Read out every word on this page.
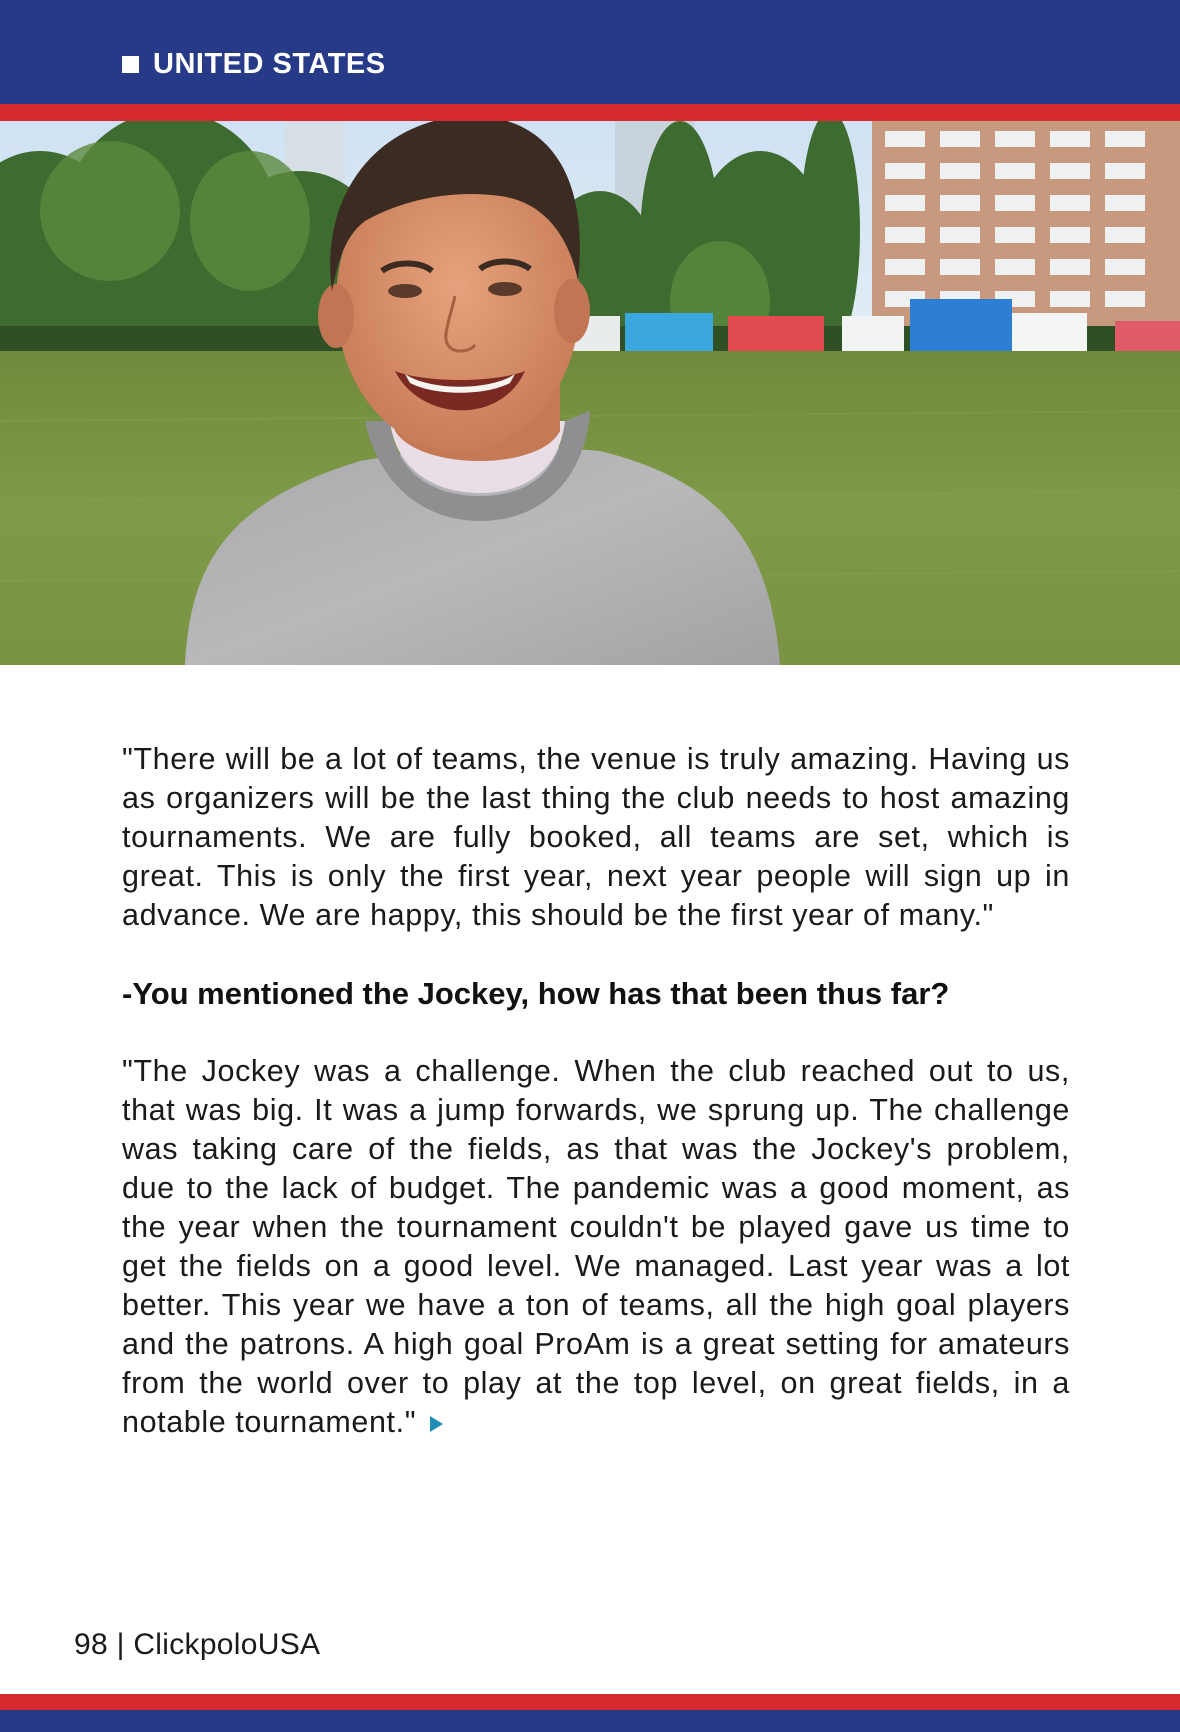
UNITED STATES

"There will be a lot of teams, the venue is truly amazing. Having us as organizers will be the last thing the club needs to host amazing tournaments. We are fully booked, all teams are set, which is great. This is only the first year, next year people will sign up in advance. We are happy, this should be the first year of many."

-You mentioned the Jockey, how has that been thus far?

"The Jockey was a challenge. When the club reached out to us, that was big. It was a jump forwards, we sprung up. The challenge was taking care of the fields, as that was the Jockey's problem, due to the lack of budget. The pandemic was a good moment, as the year when the tournament couldn't be played gave us time to get the fields on a good level. We managed. Last year was a lot better. This year we have a ton of teams, all the high goal players and the patrons. A high goal ProAm is a great setting for amateurs from the world over to play at the top level, on great fields, in a notable tournament."

98 | ClickpoloUSA
